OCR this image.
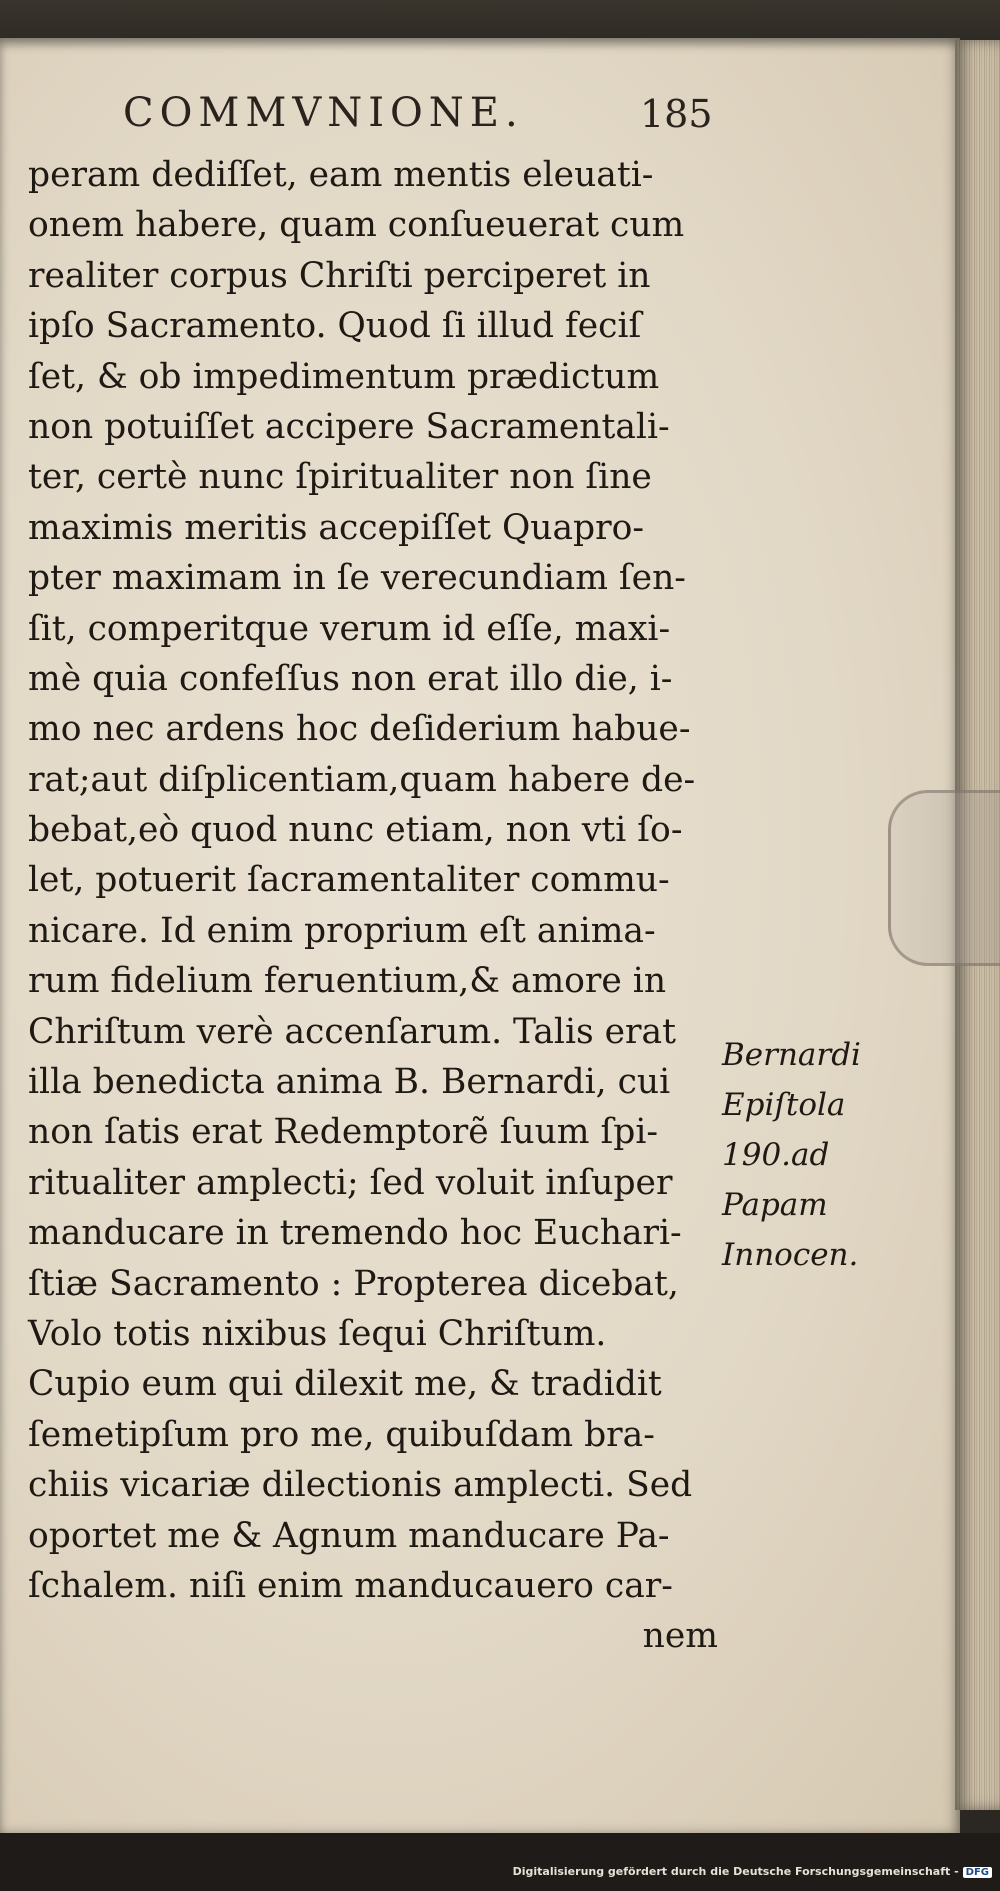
COMMVNIONE.	185
peram dediſſet, eam mentis eleuati-
onem habere, quam conſueuerat cum
realiter corpus Chriſti perciperet in
ipſo Sacramento. Quod ſi illud feciſ
ſet, & ob impedimentum prædictum
non potuiſſet accipere Sacramentali-
ter, certè nunc ſpiritualiter non ſine
maximis meritis accepiſſet Quapro-
pter maximam in ſe verecundiam ſen-
ſit, comperitque verum id eſſe, maxi-
mè quia confeſſus non erat illo die, i-
mo nec ardens hoc deſiderium habue-
rat;aut diſplicentiam,quam habere de-
bebat,eò quod nunc etiam, non vti ſo-
let, potuerit ſacramentaliter commu-
nicare. Id enim proprium eſt anima-
rum fidelium feruentium,& amore in
Chriſtum verè accenſarum. Talis erat
illa benedicta anima B. Bernardi, cui
non ſatis erat Redemptorẽ ſuum ſpi-
ritualiter amplecti; ſed voluit inſuper
manducare in tremendo hoc Euchari-
ſtiæ Sacramento : Propterea dicebat,
Volo totis nixibus ſequi Chriſtum.
Cupio eum qui dilexit me, & tradidit
ſemetipſum pro me, quibuſdam bra-
chiis vicariæ dilectionis amplecti. Sed
oportet me & Agnum manducare Pa-
ſchalem. niſi enim manducauero car-
nem
Bernardi
Epiſtola
190.ad
Papam
Innocen.
Digitalisierung gefördert durch die Deutsche Forschungsgemeinschaft - DFG
